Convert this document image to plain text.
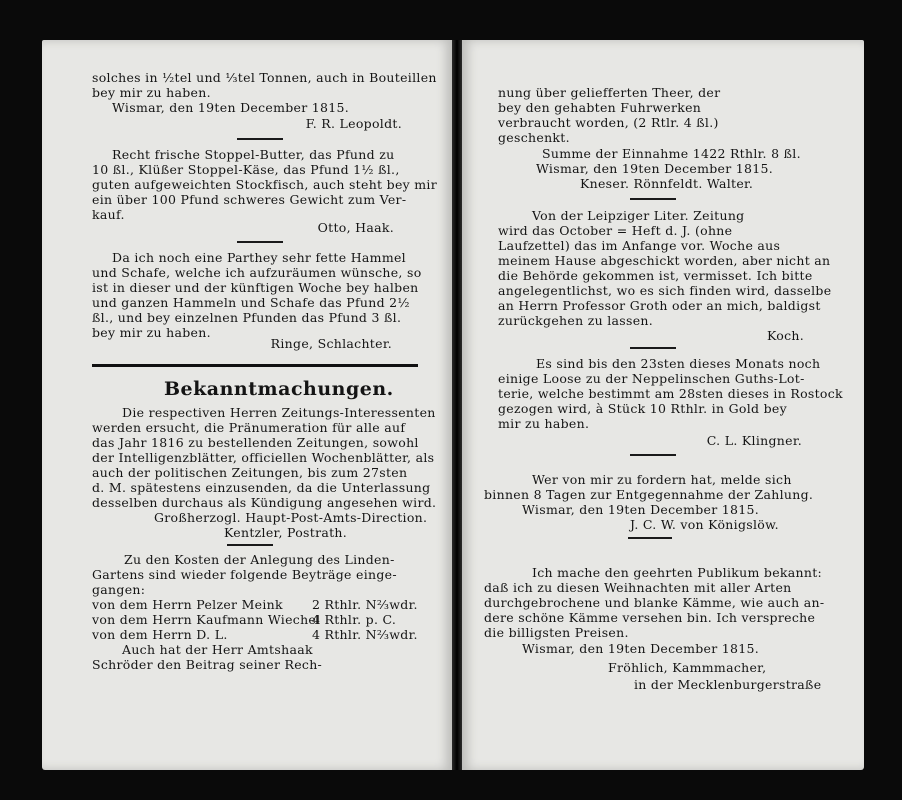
solches in ½tel und ⅓tel Tonnen, auch in Bouteillen
bey mir zu haben.
Wismar, den 19ten December 1815.
F. R. Leopoldt.
Recht frische Stoppel-Butter, das Pfund zu
10 ßl., Klüßer Stoppel-Käse, das Pfund 1½ ßl.,
guten aufgeweichten Stockfisch, auch steht bey mir
ein über 100 Pfund schweres Gewicht zum Ver-
kauf.
Otto, Haak.
Da ich noch eine Parthey sehr fette Hammel
und Schafe, welche ich aufzuräumen wünsche, so
ist in dieser und der künftigen Woche bey halben
und ganzen Hammeln und Schafe das Pfund 2½
ßl., und bey einzelnen Pfunden das Pfund 3 ßl.
bey mir zu haben.
Ringe, Schlachter.
Bekanntmachungen.
Die respectiven Herren Zeitungs-Interessenten
werden ersucht, die Pränumeration für alle auf
das Jahr 1816 zu bestellenden Zeitungen, sowohl
der Intelligenzblätter, officiellen Wochenblätter, als
auch der politischen Zeitungen, bis zum 27sten
d. M. spätestens einzusenden, da die Unterlassung
desselben durchaus als Kündigung angesehen wird.
Großherzogl. Haupt-Post-Amts-Direction.
Kentzler, Postrath.
Zu den Kosten der Anlegung des Linden-
Gartens sind wieder folgende Beyträge einge-
gangen:
von dem Herrn Pelzer Meink 2 Rthlr. N⅔wdr.
von dem Herrn Kaufmann Wiechel
4 Rthlr. p. C.
von dem Herrn D. L.	4 Rthlr. N⅔wdr.
Auch hat der Herr Amtshaak
Schröder den Beitrag seiner Rech-
nung über geliefferten Theer, der
bey den gehabten Fuhrwerken
verbraucht worden, (2 Rtlr. 4 ßl.)
geschenkt.
Summe der Einnahme 1422 Rthlr. 8 ßl.
Wismar, den 19ten December 1815.
Kneser. Rönnfeldt. Walter.
Von der Leipziger Liter. Zeitung
wird das October = Heft d. J. (ohne
Laufzettel) das im Anfange vor. Woche aus
meinem Hause abgeschickt worden, aber nicht an
die Behörde gekommen ist, vermisset. Ich bitte
angelegentlichst, wo es sich finden wird, dasselbe
an Herrn Professor Groth oder an mich, baldigst
zurückgehen zu lassen.
Koch.
Es sind bis den 23sten dieses Monats noch
einige Loose zu der Neppelinschen Guths-Lot-
terie, welche bestimmt am 28sten dieses in Rostock
gezogen wird, à Stück 10 Rthlr. in Gold bey
mir zu haben.
C. L. Klingner.
Wer von mir zu fordern hat, melde sich
binnen 8 Tagen zur Entgegennahme der Zahlung.
Wismar, den 19ten December 1815.
J. C. W. von Königslöw.
Ich mache den geehrten Publikum bekannt:
daß ich zu diesen Weihnachten mit aller Arten
durchgebrochene und blanke Kämme, wie auch an-
dere schöne Kämme versehen bin. Ich verspreche
die billigsten Preisen.
Wismar, den 19ten December 1815.
Fröhlich, Kammmacher,
in der Mecklenburgerstraße
